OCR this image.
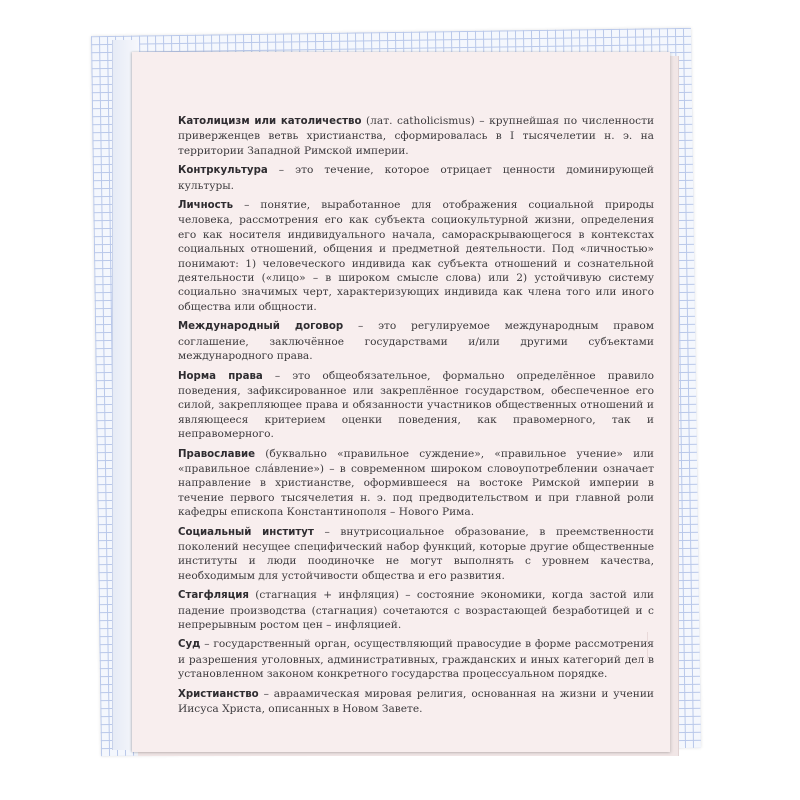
Католицизм или католичество (лат. catholicismus) – крупнейшая по численности приверженцев ветвь христианства, сформировалась в I тысячелетии н. э. на территории Западной Римской империи.

Контркультура – это течение, которое отрицает ценности доминирующей культуры.

Личность – понятие, выработанное для отображения социальной природы человека, рассмотрения его как субъекта социокультурной жизни, определения его как носителя индивидуального начала, самораскрывающегося в контекстах социальных отношений, общения и предметной деятельности. Под «личностью» понимают: 1) человеческого индивида как субъекта отношений и сознательной деятельности («лицо» – в широком смысле слова) или 2) устойчивую систему социально значимых черт, характеризующих индивида как члена того или иного общества или общности.

Международный договор – это регулируемое международным правом соглашение, заключённое государствами и/или другими субъектами международного права.

Норма права – это общеобязательное, формально определённое правило поведения, зафиксированное или закреплённое государством, обеспеченное его силой, закрепляющее права и обязанности участников общественных отношений и являющееся критерием оценки поведения, как правомерного, так и неправомерного.

Православие (буквально «правильное суждение», «правильное учение» или «правильное сла́вление») – в современном широком словоупотреблении означает направление в христианстве, оформившееся на востоке Римской империи в течение первого тысячелетия н. э. под предводительством и при главной роли кафедры епископа Константинополя – Нового Рима.

Социальный институт – внутрисоциальное образование, в преемственности поколений несущее специфический набор функций, которые другие общественные институты и люди поодиночке не могут выполнять с уровнем качества, необходимым для устойчивости общества и его развития.

Стагфляция (стагнация + инфляция) – состояние экономики, когда застой или падение производства (стагнация) сочетаются с возрастающей безработицей и с непрерывным ростом цен – инфляцией.

Суд – государственный орган, осуществляющий правосудие в форме рассмотрения и разрешения уголовных, административных, гражданских и иных категорий дел в установленном законом конкретного государства процессуальном порядке.

Христианство – авраамическая мировая религия, основанная на жизни и учении Иисуса Христа, описанных в Новом Завете.
